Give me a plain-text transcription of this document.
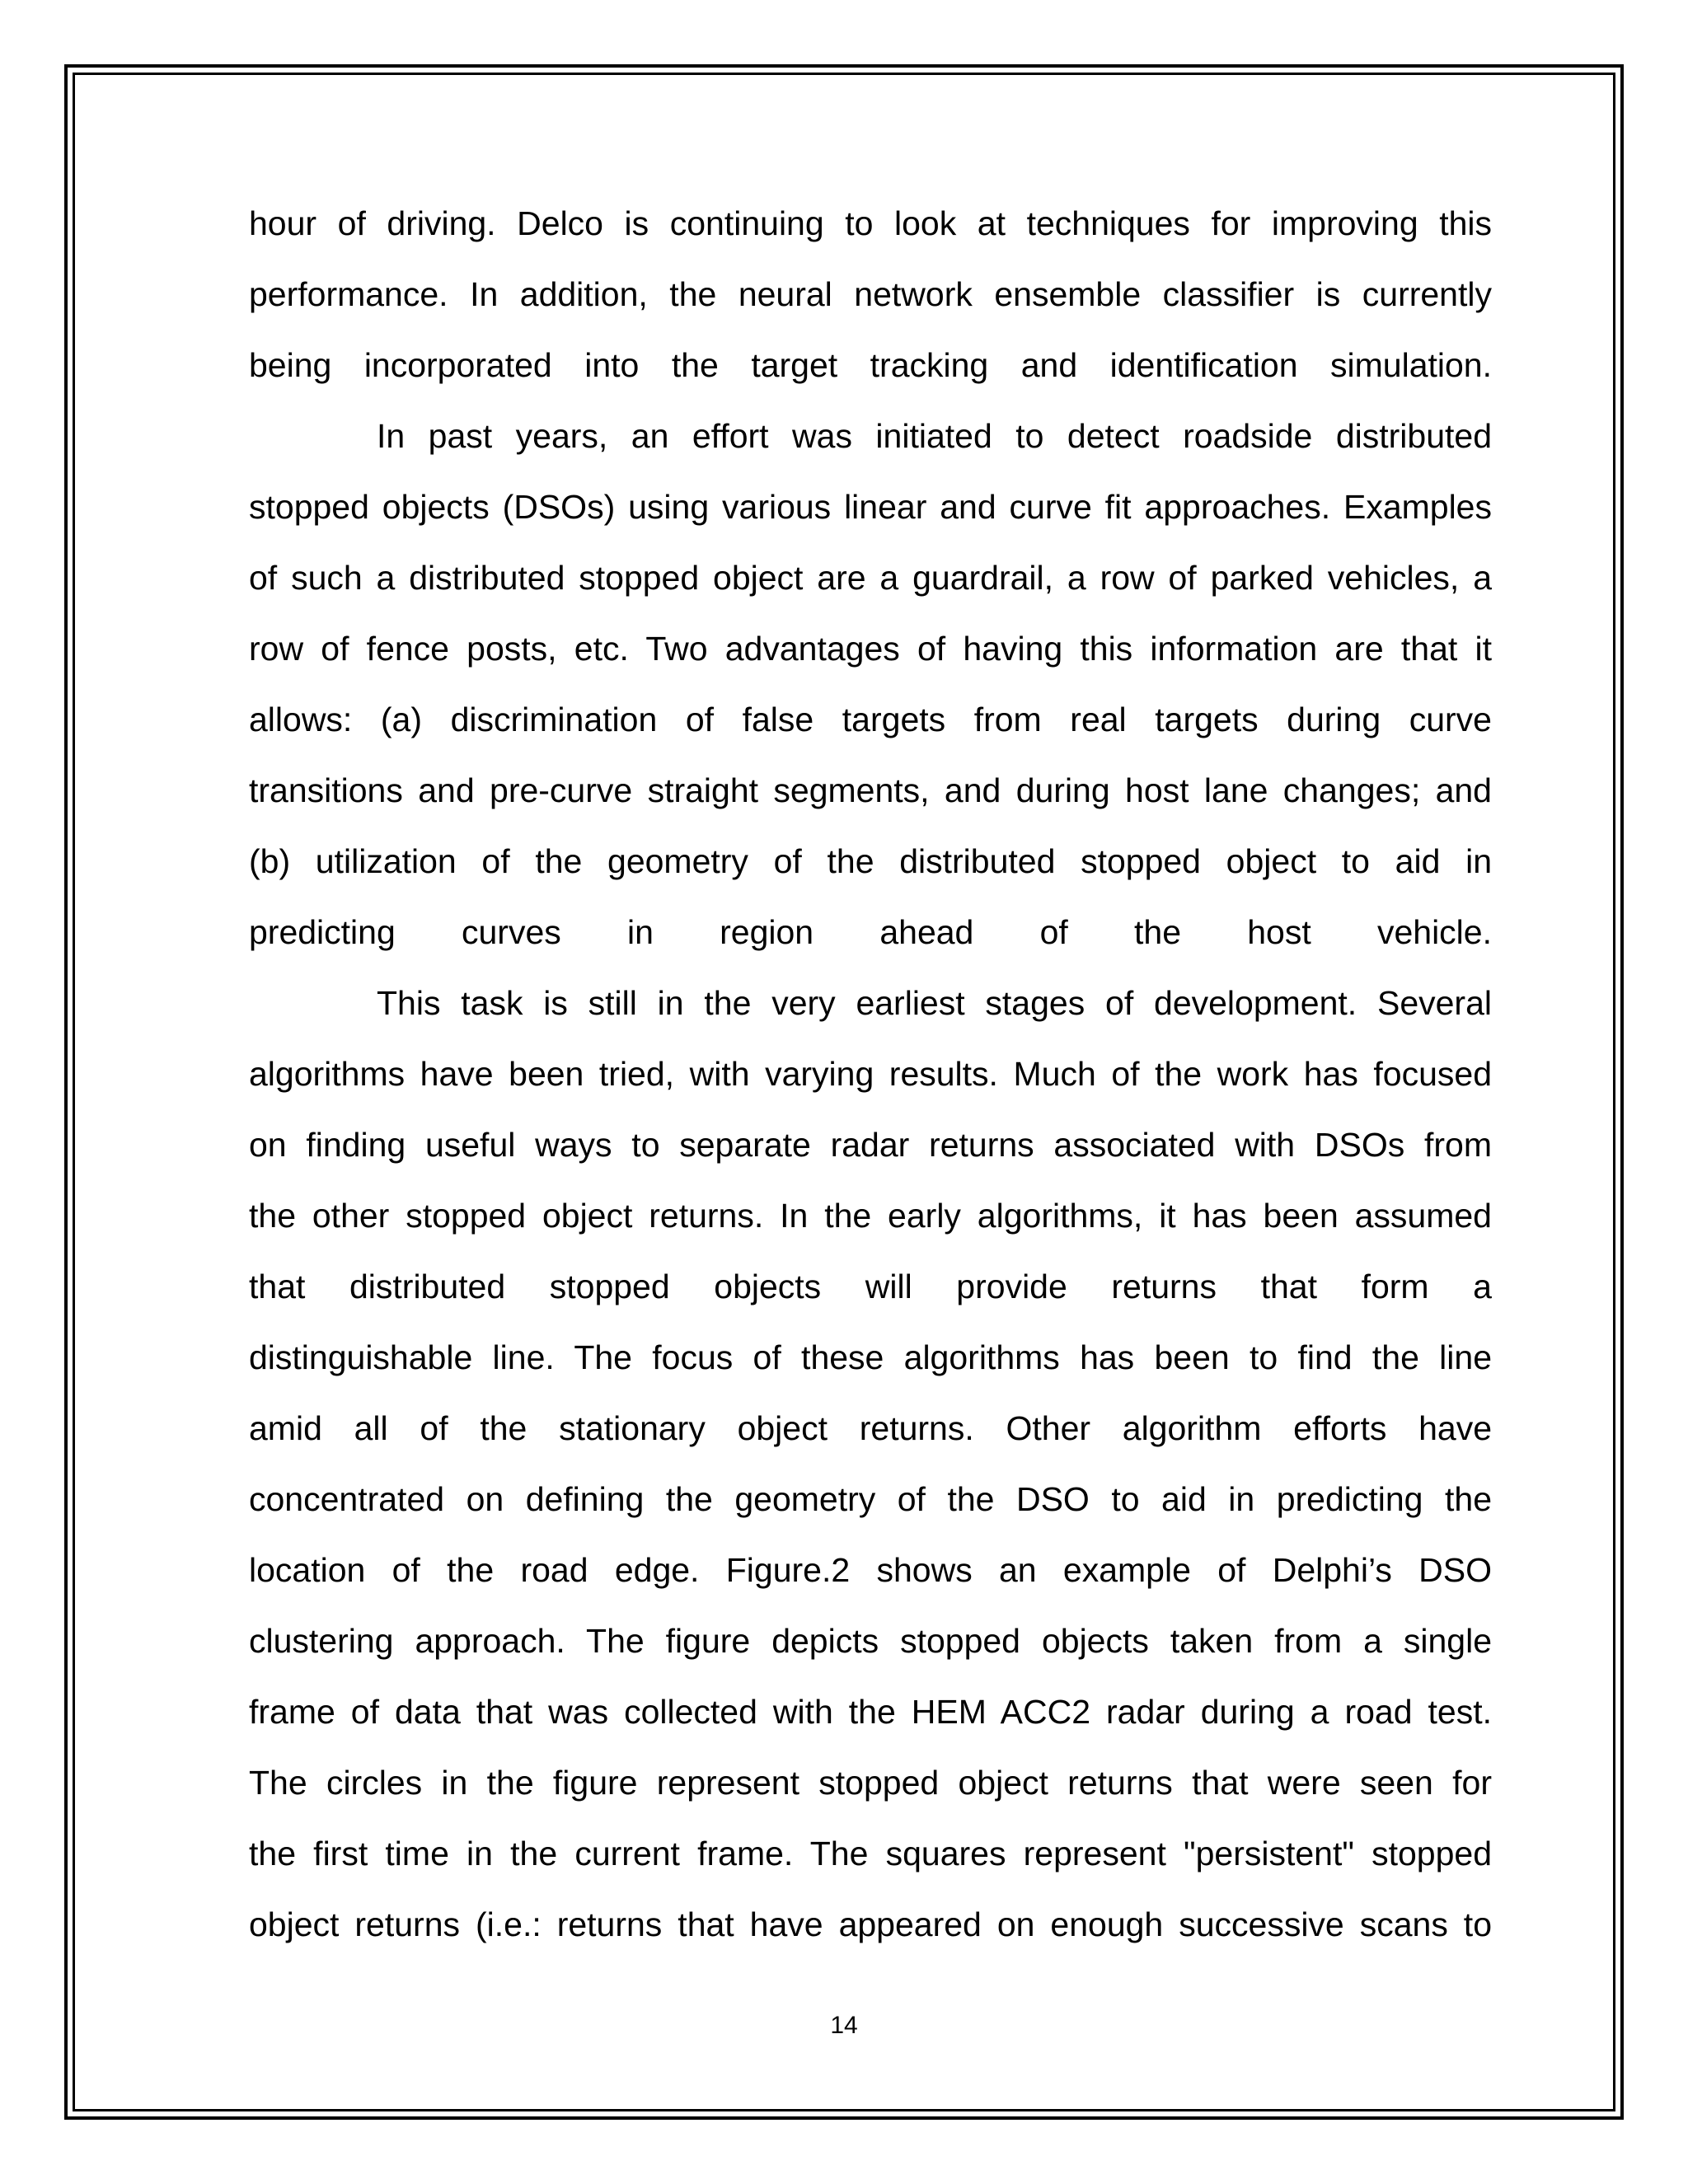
hour of driving. Delco is continuing to look at techniques for improving this
performance. In addition, the neural network ensemble classifier is currently
being incorporated into the target tracking and identification simulation.
In past years, an effort was initiated to detect roadside distributed
stopped objects (DSOs) using various linear and curve fit approaches. Examples
of such a distributed stopped object are a guardrail, a row of parked vehicles, a
row of fence posts, etc. Two advantages of having this information are that it
allows: (a) discrimination of false targets from real targets during curve
transitions and pre-curve straight segments, and during host lane changes; and
(b) utilization of the geometry of the distributed stopped object to aid in
predicting curves in region ahead of the host vehicle.
This task is still in the very earliest stages of development. Several
algorithms have been tried, with varying results. Much of the work has focused
on finding useful ways to separate radar returns associated with DSOs from
the other stopped object returns. In the early algorithms, it has been assumed
that distributed stopped objects will provide returns that form a
distinguishable line. The focus of these algorithms has been to find the line
amid all of the stationary object returns. Other algorithm efforts have
concentrated on defining the geometry of the DSO to aid in predicting the
location of the road edge. Figure.2 shows an example of Delphi’s DSO
clustering approach. The figure depicts stopped objects taken from a single
frame of data that was collected with the HEM ACC2 radar during a road test.
The circles in the figure represent stopped object returns that were seen for
the first time in the current frame. The squares represent "persistent" stopped
object returns (i.e.: returns that have appeared on enough successive scans to
14
